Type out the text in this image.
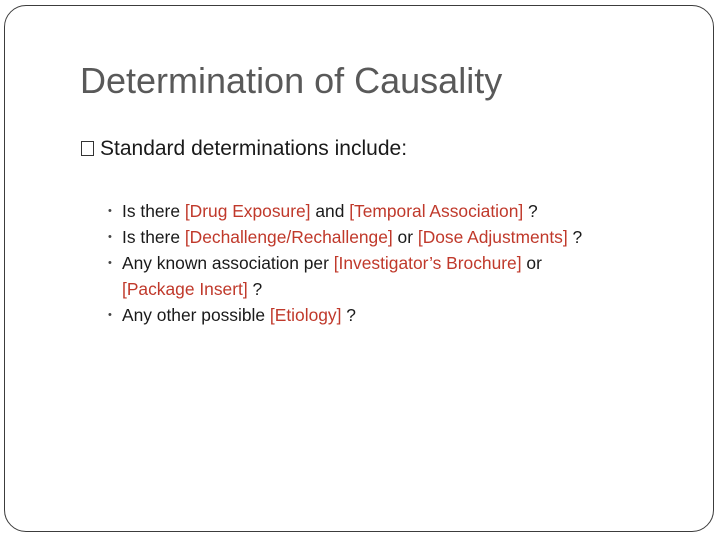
Determination of Causality
Standard determinations include:
• Is there [Drug Exposure] and [Temporal Association] ?
• Is there [Dechallenge/Rechallenge] or [Dose Adjustments] ?
• Any known association per [Investigator’s Brochure] or
[Package Insert] ?
• Any other possible [Etiology] ?
